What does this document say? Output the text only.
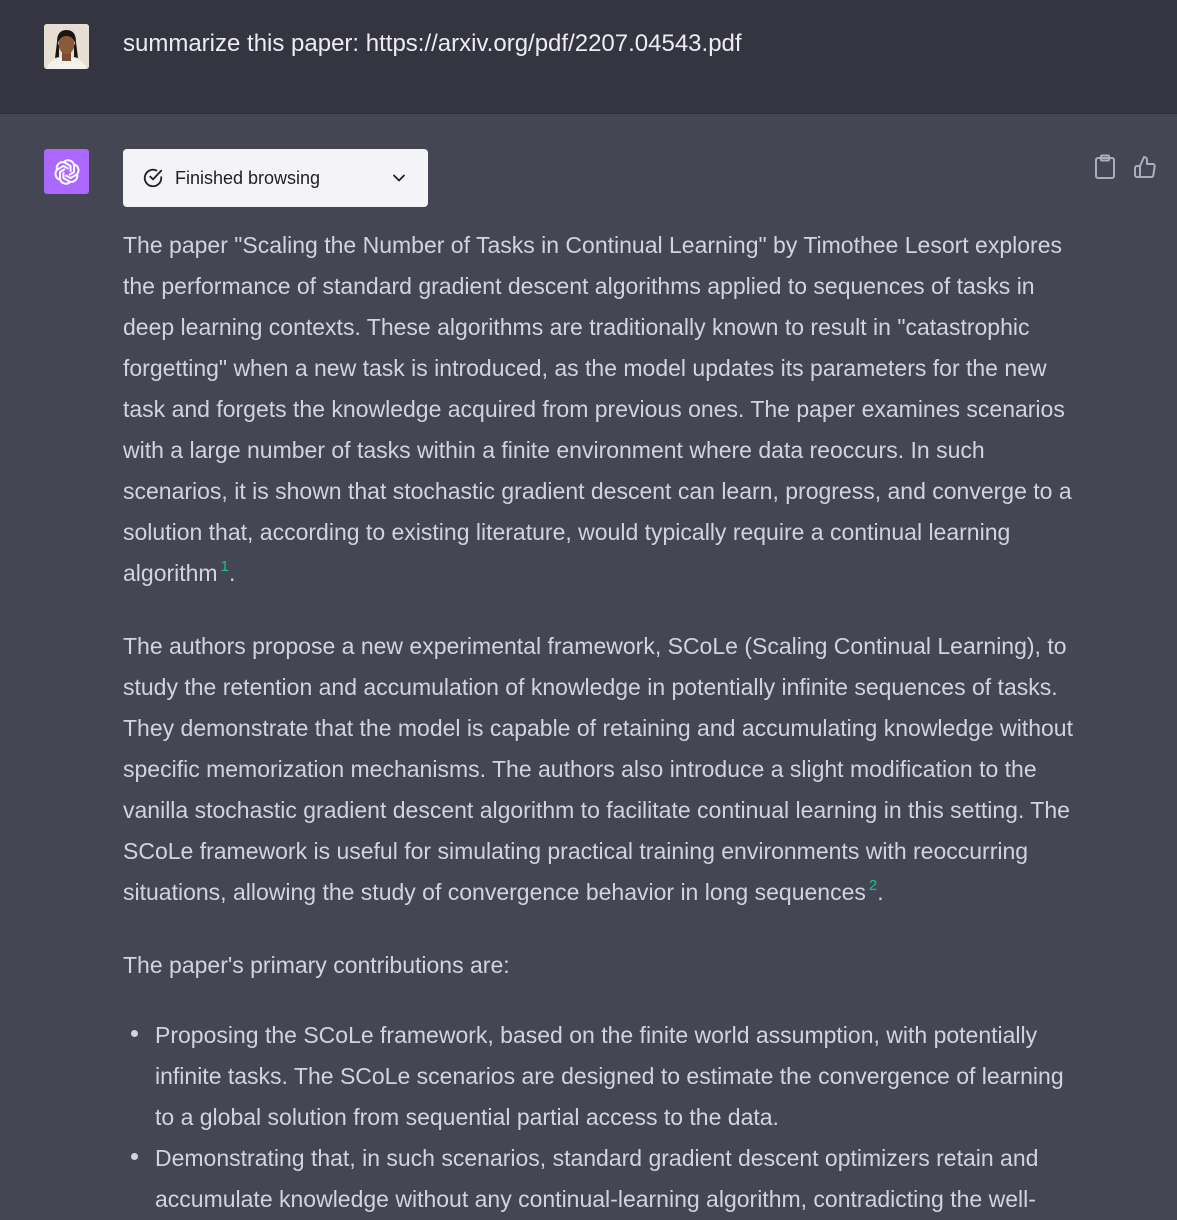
summarize this paper: https://arxiv.org/pdf/2207.04543.pdf
Finished browsing

The paper "Scaling the Number of Tasks in Continual Learning" by Timothee Lesort explores the performance of standard gradient descent algorithms applied to sequences of tasks in deep learning contexts. These algorithms are traditionally known to result in "catastrophic forgetting" when a new task is introduced, as the model updates its parameters for the new task and forgets the knowledge acquired from previous ones. The paper examines scenarios with a large number of tasks within a finite environment where data reoccurs. In such scenarios, it is shown that stochastic gradient descent can learn, progress, and converge to a solution that, according to existing literature, would typically require a continual learning algorithm $^1$.

The authors propose a new experimental framework, SCoLe (Scaling Continual Learning), to study the retention and accumulation of knowledge in potentially infinite sequences of tasks. They demonstrate that the model is capable of retaining and accumulating knowledge without specific memorization mechanisms. The authors also introduce a slight modification to the vanilla stochastic gradient descent algorithm to facilitate continual learning in this setting. The SCoLe framework is useful for simulating practical training environments with reoccurring situations, allowing the study of convergence behavior in long sequences $^2$.

The paper's primary contributions are:

Proposing the SCoLe framework, based on the finite world assumption, with potentially infinite tasks. The SCoLe scenarios are designed to estimate the convergence of learning to a global solution from sequential partial access to the data.
Demonstrating that, in such scenarios, standard gradient descent optimizers retain and accumulate knowledge without any continual-learning algorithm, contradicting the well-
